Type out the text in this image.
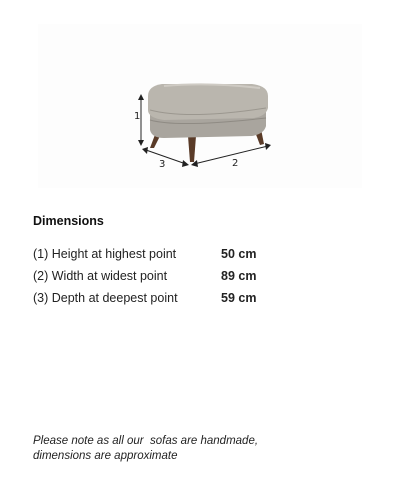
1
3	2
Dimensions
(1) Height at highest point	50 cm
(2) Width at widest point	89 cm
(3) Depth at deepest point	59 cm

Please note as all our  sofas are handmade,
dimensions are approximate
